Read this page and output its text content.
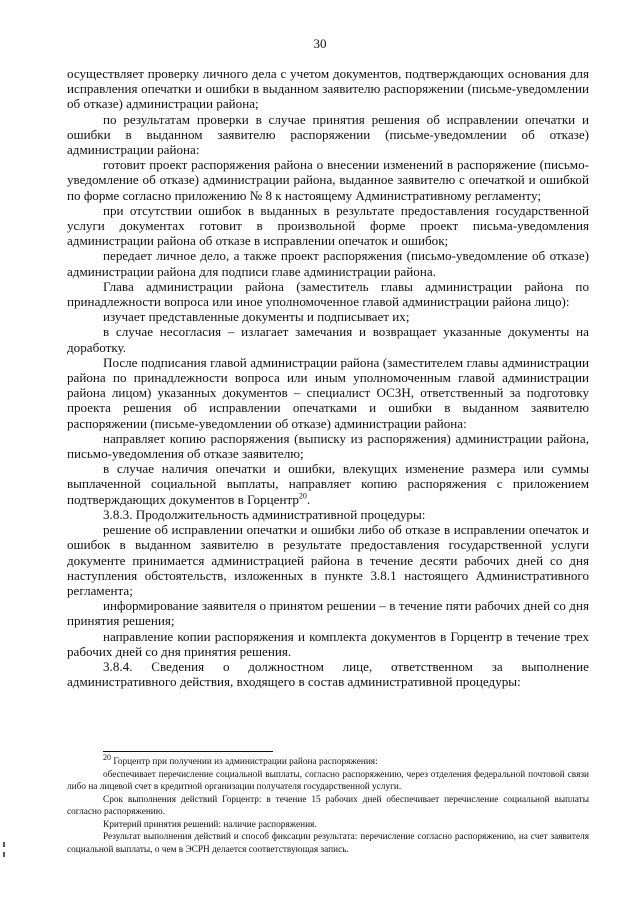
30

осуществляет проверку личного дела с учетом документов, подтверждающих основания для исправления опечатки и ошибки в выданном заявителю распоряжении (письме-уведомлении об отказе) администрации района;

по результатам проверки в случае принятия решения об исправлении опечатки и ошибки в выданном заявителю распоряжении (письме-уведомлении об отказе) администрации района:

готовит проект распоряжения района о внесении изменений в распоряжение (письмо-уведомление об отказе) администрации района, выданное заявителю с опечаткой и ошибкой по форме согласно приложению № 8 к настоящему Административному регламенту;

при отсутствии ошибок в выданных в результате предоставления государственной услуги документах готовит в произвольной форме проект письма-уведомления администрации района об отказе в исправлении опечаток и ошибок;

передает личное дело, а также проект распоряжения (письмо-уведомление об отказе) администрации района для подписи главе администрации района.

Глава администрации района (заместитель главы администрации района по принадлежности вопроса или иное уполномоченное главой администрации района лицо):

изучает представленные документы и подписывает их;

в случае несогласия – излагает замечания и возвращает указанные документы на доработку.

После подписания главой администрации района (заместителем главы администрации района по принадлежности вопроса или иным уполномоченным главой администрации района лицом) указанных документов – специалист ОСЗН, ответственный за подготовку проекта решения об исправлении опечатками и ошибки в выданном заявителю распоряжении (письме-уведомлении об отказе) администрации района:

направляет копию распоряжения (выписку из распоряжения) администрации района, письмо-уведомления об отказе заявителю;

в случае наличия опечатки и ошибки, влекущих изменение размера или суммы выплаченной социальной выплаты, направляет копию распоряжения с приложением подтверждающих документов в Горцентр$^{20}$.

3.8.3. Продолжительность административной процедуры:

решение об исправлении опечатки и ошибки либо об отказе в исправлении опечаток и ошибок в выданном заявителю в результате предоставления государственной услуги документе принимается администрацией района в течение десяти рабочих дней со дня наступления обстоятельств, изложенных в пункте 3.8.1 настоящего Административного регламента;

информирование заявителя о принятом решении – в течение пяти рабочих дней со дня принятия решения;

направление копии распоряжения и комплекта документов в Горцентр в течение трех рабочих дней со дня принятия решения.

3.8.4. Сведения о должностном лице, ответственном за выполнение административного действия, входящего в состав административной процедуры:

$^{20}$ Горцентр при получении из администрации района распоряжения:

обеспечивает перечисление социальной выплаты, согласно распоряжению, через отделения федеральной почтовой связи либо на лицевой счет в кредитной организации получателя государственной услуги.

Срок выполнения действий Горцентр: в течение 15 рабочих дней обеспечивает перечисление социальной выплаты согласно распоряжению.

Критерий принятия решений: наличие распоряжения.

Результат выполнения действий и способ фиксации результата: перечисление согласно распоряжению, на счет заявителя социальной выплаты, о чем в ЭСРН делается соответствующая запись.
